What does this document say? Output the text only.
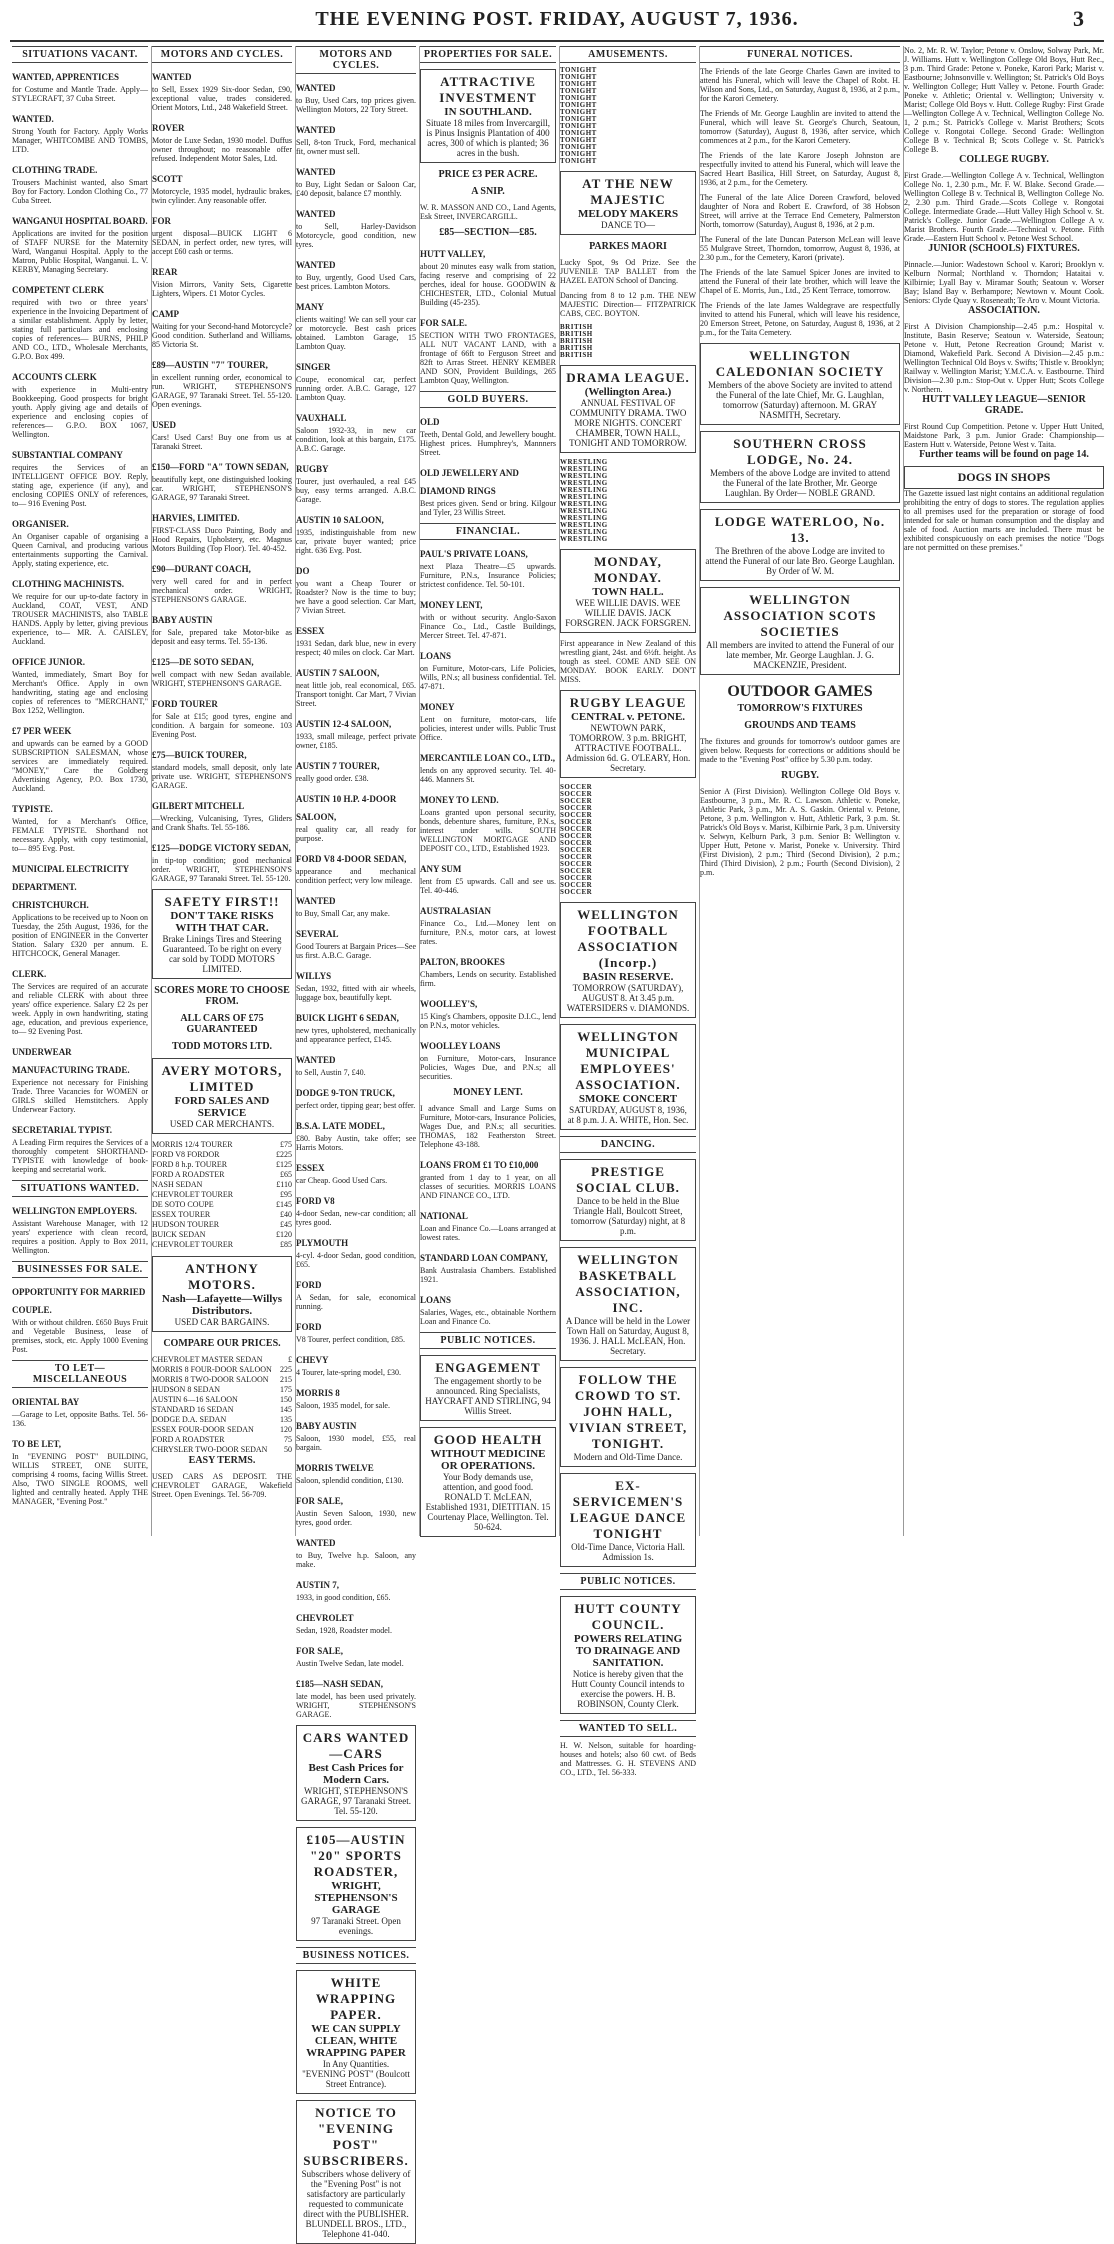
THE EVENING POST. FRIDAY, AUGUST 7, 1936.	3
SITUATIONS VACANT.
WANTED, APPRENTICES
for Costume and Mantle Trade. Apply— STYLECRAFT, 37 Cuba Street.
WANTED.
Strong Youth for Factory. Apply Works Manager, WHITCOMBE AND TOMBS, LTD.
CLOTHING TRADE.
Trousers Machinist wanted, also Smart Boy for Factory. London Clothing Co., 77 Cuba Street.
WANGANUI HOSPITAL BOARD.
Applications are invited for the position of STAFF NURSE for the Maternity Ward, Wanganui Hospital. Apply to the Matron, Public Hospital, Wanganui. L. V. KERBY, Managing Secretary.
COMPETENT CLERK
required with two or three years' experience in the Invoicing Department of a similar establishment. Apply by letter, stating full particulars and enclosing copies of references— BURNS, PHILP AND CO., LTD., Wholesale Merchants, G.P.O. Box 499.
ACCOUNTS CLERK
with experience in Multi-entry Bookkeeping. Good prospects for bright youth. Apply giving age and details of experience and enclosing copies of references— G.P.O. BOX 1067, Wellington.
SUBSTANTIAL COMPANY
requires the Services of an INTELLIGENT OFFICE BOY. Reply, stating age, experience (if any), and enclosing COPIES ONLY of references, to— 916 Evening Post.
ORGANISER.
An Organiser capable of organising a Queen Carnival, and producing various entertainments supporting the Carnival. Apply, stating experience, etc.
CLOTHING MACHINISTS.
We require for our up-to-date factory in Auckland, COAT, VEST, AND TROUSER MACHINISTS, also TABLE HANDS. Apply by letter, giving previous experience, to— MR. A. CAISLEY, Auckland.
OFFICE JUNIOR.
Wanted, immediately, Smart Boy for Merchant's Office. Apply in own handwriting, stating age and enclosing copies of references to "MERCHANT," Box 1252, Wellington.
£7 PER WEEK
and upwards can be earned by a GOOD SUBSCRIPTION SALESMAN, whose services are immediately required. "MONEY," Care the Goldberg Advertising Agency, P.O. Box 1730, Auckland.
TYPISTE.
Wanted, for a Merchant's Office, FEMALE TYPISTE. Shorthand not necessary. Apply, with copy testimonial, to— 895 Evg. Post.
MUNICIPAL ELECTRICITY DEPARTMENT. CHRISTCHURCH.
Applications to be received up to Noon on Tuesday, the 25th August, 1936, for the position of ENGINEER in the Converter Station. Salary £320 per annum. E. HITCHCOCK, General Manager.
CLERK.
The Services are required of an accurate and reliable CLERK with about three years' office experience. Salary £2 2s per week. Apply in own handwriting, stating age, education, and previous experience, to— 92 Evening Post.
UNDERWEAR MANUFACTURING TRADE.
Experience not necessary for Finishing Trade. Three Vacancies for WOMEN or GIRLS skilled Hemstitchers. Apply Underwear Factory.
SECRETARIAL TYPIST.
A Leading Firm requires the Services of a thoroughly competent SHORTHAND-TYPISTE with knowledge of book-keeping and secretarial work.
SITUATIONS WANTED.
WELLINGTON EMPLOYERS.
Assistant Warehouse Manager, with 12 years' experience with clean record, requires a position. Apply to Box 2011, Wellington.
BUSINESSES FOR SALE.
OPPORTUNITY FOR MARRIED COUPLE.
With or without children. £650 Buys Fruit and Vegetable Business, lease of premises, stock, etc. Apply 1000 Evening Post.
TO LET—MISCELLANEOUS
ORIENTAL BAY
—Garage to Let, opposite Baths. Tel. 56-136.
TO BE LET,
In "EVENING POST" BUILDING, WILLIS STREET, ONE SUITE, comprising 4 rooms, facing Willis Street. Also, TWO SINGLE ROOMS, well lighted and centrally heated. Apply THE MANAGER, "Evening Post."
MOTORS AND CYCLES.
WANTED
to Sell, Essex 1929 Six-door Sedan, £90, exceptional value, trades considered. Orient Motors, Ltd., 248 Wakefield Street.
ROVER
Motor de Luxe Sedan, 1930 model. Duffus owner throughout; no reasonable offer refused. Independent Motor Sales, Ltd.
SCOTT
Motorcycle, 1935 model, hydraulic brakes, twin cylinder. Any reasonable offer.
FOR
urgent disposal—BUICK LIGHT 6 SEDAN, in perfect order, new tyres, will accept £60 cash or terms.
REAR
Vision Mirrors, Vanity Sets, Cigarette Lighters, Wipers. £1 Motor Cycles.
CAMP
Waiting for your Second-hand Motorcycle? Good condition. Sutherland and Williams, 85 Victoria St.
£89—AUSTIN "7" TOURER,
in excellent running order, economical to run. WRIGHT, STEPHENSON'S GARAGE, 97 Taranaki Street. Tel. 55-120. Open evenings.
USED
Cars! Used Cars! Buy one from us at Taranaki Street.
£150—FORD "A" TOWN SEDAN,
beautifully kept, one distinguished looking car. WRIGHT, STEPHENSON'S GARAGE, 97 Taranaki Street.
HARVIES, LIMITED.
FIRST-CLASS Duco Painting, Body and Hood Repairs, Upholstery, etc. Magnus Motors Building (Top Floor). Tel. 40-452.
£90—DURANT COACH,
very well cared for and in perfect mechanical order. WRIGHT, STEPHENSON'S GARAGE.
BABY AUSTIN
for Sale, prepared take Motor-bike as deposit and easy terms. Tel. 55-136.
£125—DE SOTO SEDAN,
well compact with new Sedan available. WRIGHT, STEPHENSON'S GARAGE.
FORD TOURER
for Sale at £15; good tyres, engine and condition. A bargain for someone. 103 Evening Post.
£75—BUICK TOURER,
standard models, small deposit, only late private use. WRIGHT, STEPHENSON'S GARAGE.
GILBERT MITCHELL
—Wrecking, Vulcanising, Tyres, Gliders and Crank Shafts. Tel. 55-186.
£125—DODGE VICTORY SEDAN,
in tip-top condition; good mechanical order. WRIGHT, STEPHENSON'S GARAGE, 97 Taranaki Street. Tel. 55-120.
SAFETY FIRST!!
DON'T TAKE RISKS WITH THAT CAR.
Brake Linings Tires and Steering Guaranteed. To be right on every car sold by TODD MOTORS LIMITED.
SCORES MORE TO CHOOSE FROM.
ALL CARS OF £75 GUARANTEED
TODD MOTORS LTD.
AVERY MOTORS, LIMITED
FORD SALES AND SERVICE
USED CAR MERCHANTS.
MORRIS 12/4 TOURER	£75
FORD V8 FORDOR	£225
FORD 8 h.p. TOURER	£125
FORD A ROADSTER	£65
NASH SEDAN	£110
CHEVROLET TOURER	£95
DE SOTO COUPE	£145
ESSEX TOURER	£40
HUDSON TOURER	£45
BUICK SEDAN	£120
CHEVROLET TOURER	£85
ANTHONY MOTORS.
Nash—Lafayette—Willys Distributors.
USED CAR BARGAINS.
COMPARE OUR PRICES.
CHEVROLET MASTER SEDAN	£
MORRIS 8 FOUR-DOOR SALOON 225
MORRIS 8 TWO-DOOR SALOON 215
HUDSON 8 SEDAN	175
AUSTIN 6—16 SALOON	150
STANDARD 16 SEDAN	145
DODGE D.A. SEDAN	135
ESSEX FOUR-DOOR SEDAN	120
FORD A ROADSTER	75
CHRYSLER TWO-DOOR SEDAN 50
EASY TERMS.
USED CARS AS DEPOSIT. THE CHEVROLET GARAGE, Wakefield Street. Open Evenings. Tel. 56-709.
MOTORS AND CYCLES.
WANTED
to Buy, Used Cars, top prices given. Wellington Motors, 22 Tory Street.
WANTED
Sell, 8-ton Truck, Ford, mechanical fit, owner must sell.
WANTED
to Buy, Light Sedan or Saloon Car, £40 deposit, balance £7 monthly.
WANTED
to Sell, Harley-Davidson Motorcycle, good condition, new tyres.
WANTED
to Buy, urgently, Good Used Cars, best prices. Lambton Motors.
MANY
clients waiting! We can sell your car or motorcycle. Best cash prices obtained. Lambton Garage, 15 Lambton Quay.
SINGER
Coupe, economical car, perfect running order. A.B.C. Garage, 127 Lambton Quay.
VAUXHALL
Saloon 1932-33, in new car condition, look at this bargain, £175. A.B.C. Garage.
RUGBY
Tourer, just overhauled, a real £45 buy, easy terms arranged. A.B.C. Garage.
AUSTIN 10 SALOON,
1935, indistinguishable from new car, private buyer wanted; price right. 636 Evg. Post.
DO
you want a Cheap Tourer or Roadster? Now is the time to buy; we have a good selection. Car Mart, 7 Vivian Street.
ESSEX
1931 Sedan, dark blue, new in every respect; 40 miles on clock. Car Mart.
AUSTIN 7 SALOON,
neat little job, real economical, £65. Transport tonight. Car Mart, 7 Vivian Street.
AUSTIN 12-4 SALOON,
1933, small mileage, perfect private owner, £185.
AUSTIN 7 TOURER,
really good order. £38.
AUSTIN 10 H.P. 4-DOOR SALOON,
real quality car, all ready for purpose.
FORD V8 4-DOOR SEDAN,
appearance and mechanical condition perfect; very low mileage.
WANTED
to Buy, Small Car, any make.
SEVERAL
Good Tourers at Bargain Prices—See us first. A.B.C. Garage.
WILLYS
Sedan, 1932, fitted with air wheels, luggage box, beautifully kept.
BUICK LIGHT 6 SEDAN,
new tyres, upholstered, mechanically and appearance perfect, £145.
WANTED
to Sell, Austin 7, £40.
DODGE 9-TON TRUCK,
perfect order, tipping gear; best offer.
B.S.A. LATE MODEL,
£80. Baby Austin, take offer; see Harris Motors.
ESSEX
car Cheap. Good Used Cars.
FORD V8
4-door Sedan, new-car condition; all tyres good.
PLYMOUTH
4-cyl. 4-door Sedan, good condition, £65.
FORD
A Sedan, for sale, economical running.
FORD
V8 Tourer, perfect condition, £85.
CHEVY
4 Tourer, late-spring model, £30.
MORRIS 8
Saloon, 1935 model, for sale.
BABY AUSTIN
Saloon, 1930 model, £55, real bargain.
MORRIS TWELVE
Saloon, splendid condition, £130.
FOR SALE,
Austin Seven Saloon, 1930, new tyres, good order.
WANTED
to Buy, Twelve h.p. Saloon, any make.
AUSTIN 7,
1933, in good condition, £65.
CHEVROLET
Sedan, 1928, Roadster model.
FOR SALE,
Austin Twelve Sedan, late model.
£185—NASH SEDAN,
late model, has been used privately. WRIGHT, STEPHENSON'S GARAGE.
CARS WANTED—CARS
Best Cash Prices for Modern Cars.
WRIGHT, STEPHENSON'S GARAGE, 97 Taranaki Street. Tel. 55-120.
£105—AUSTIN "20" SPORTS ROADSTER,
WRIGHT, STEPHENSON'S GARAGE
97 Taranaki Street. Open evenings.
BUSINESS NOTICES.
WHITE WRAPPING PAPER.
WE CAN SUPPLY CLEAN, WHITE WRAPPING PAPER
In Any Quantities. "EVENING POST" (Boulcott Street Entrance).
NOTICE TO "EVENING POST" SUBSCRIBERS.
Subscribers whose delivery of the "Evening Post" is not satisfactory are particularly requested to communicate direct with the PUBLISHER. BLUNDELL BROS., LTD., Telephone 41-040.
PROPERTIES FOR SALE.
ATTRACTIVE INVESTMENT
IN SOUTHLAND.
Situate 18 miles from Invercargill, is Pinus Insignis Plantation of 400 acres, 300 of which is planted; 36 acres in the bush.
PRICE £3 PER ACRE.
A SNIP.
W. R. MASSON AND CO., Land Agents, Esk Street, INVERCARGILL.
£85—SECTION—£85.
HUTT VALLEY,
about 20 minutes easy walk from station, facing reserve and comprising of 22 perches, ideal for house. GOODWIN & CHICHESTER, LTD., Colonial Mutual Building (45-235).
FOR SALE.
SECTION WITH TWO FRONTAGES, ALL NUT VACANT LAND, with a frontage of 66ft to Ferguson Street and 82ft to Arras Street. HENRY KEMBER AND SON, Provident Buildings, 265 Lambton Quay, Wellington.
GOLD BUYERS.
OLD
Teeth, Dental Gold, and Jewellery bought. Highest prices. Humphrey's, Mannners Street.
OLD JEWELLERY AND DIAMOND RINGS
Best prices given. Send or bring. Kilgour and Tyler, 23 Willis Street.
FINANCIAL.
PAUL'S PRIVATE LOANS,
next Plaza Theatre—£5 upwards. Furniture, P.N.s, Insurance Policies; strictest confidence. Tel. 50-101.
MONEY LENT,
with or without security. Anglo-Saxon Finance Co., Ltd., Castle Buildings, Mercer Street. Tel. 47-871.
LOANS
on Furniture, Motor-cars, Life Policies, Wills, P.N.s; all business confidential. Tel. 47-871.
MONEY
Lent on furniture, motor-cars, life policies, interest under wills. Public Trust Office.
MERCANTILE LOAN CO., LTD.,
lends on any approved security. Tel. 40-446. Manners St.
MONEY TO LEND.
Loans granted upon personal security, bonds, debenture shares, furniture, P.N.s, interest under wills. SOUTH WELLINGTON MORTGAGE AND DEPOSIT CO., LTD., Established 1923.
ANY SUM
lent from £5 upwards. Call and see us. Tel. 40-446.
AUSTRALASIAN
Finance Co., Ltd.—Money lent on furniture, P.N.s, motor cars, at lowest rates.
PALTON, BROOKES
Chambers, Lends on security. Established firm.
WOOLLEY'S,
15 King's Chambers, opposite D.I.C., lend on P.N.s, motor vehicles.
WOOLLEY LOANS
on Furniture, Motor-cars, Insurance Policies, Wages Due, and P.N.s; all securities.
MONEY LENT.
I advance Small and Large Sums on Furniture, Motor-cars, Insurance Policies, Wages Due, and P.N.s; all securities. THOMAS, 182 Featherston Street. Telephone 43-188.
LOANS FROM £1 TO £10,000
granted from 1 day to 1 year, on all classes of securities. MORRIS LOANS AND FINANCE CO., LTD.
NATIONAL
Loan and Finance Co.—Loans arranged at lowest rates.
STANDARD LOAN COMPANY,
Bank Australasia Chambers. Established 1921.
LOANS
Salaries, Wages, etc., obtainable Northern Loan and Finance Co.
PUBLIC NOTICES.
ENGAGEMENT
The engagement shortly to be announced. Ring Specialists, HAYCRAFT AND STIRLING, 94 Willis Street.
GOOD HEALTH
WITHOUT MEDICINE OR OPERATIONS.
Your Body demands use, attention, and good food. RONALD T. McLEAN, Established 1931, DIETITIAN. 15 Courtenay Place, Wellington. Tel. 50-624.
AMUSEMENTS.
TONIGHT
TONIGHT
TONIGHT
TONIGHT
TONIGHT
TONIGHT
TONIGHT
TONIGHT
TONIGHT
TONIGHT
TONIGHT
TONIGHT
TONIGHT
TONIGHT
AT THE NEW MAJESTIC
MELODY MAKERS
DANCE TO—
PARKES MAORI
Lucky Spot, 9s Od Prize. See the JUVENILE TAP BALLET from the HAZEL EATON School of Dancing.
Dancing from 8 to 12 p.m. THE NEW MAJESTIC Direction— FITZPATRICK CABS, CEC. BOYTON.
BRITISH
BRITISH
BRITISH
BRITISH
BRITISH
DRAMA LEAGUE.
(Wellington Area.)
ANNUAL FESTIVAL OF COMMUNITY DRAMA. TWO MORE NIGHTS. CONCERT CHAMBER, TOWN HALL, TONIGHT AND TOMORROW.
WRESTLING
WRESTLING
WRESTLING
WRESTLING
WRESTLING
WRESTLING
WRESTLING
WRESTLING
WRESTLING
WRESTLING
WRESTLING
WRESTLING
MONDAY, MONDAY.
TOWN HALL.
WEE WILLIE DAVIS. WEE WILLIE DAVIS. JACK FORSGREN. JACK FORSGREN.
First appearance in New Zealand of this wrestling giant, 24st. and 6½ft. height. As tough as steel. COME AND SEE ON MONDAY. BOOK EARLY. DON'T MISS.
RUGBY LEAGUE
CENTRAL v. PETONE.
NEWTOWN PARK, TOMORROW. 3 p.m. BRIGHT, ATTRACTIVE FOOTBALL. Admission 6d. G. O'LEARY, Hon. Secretary.
SOCCER
SOCCER
SOCCER
SOCCER
SOCCER
SOCCER
SOCCER
SOCCER
SOCCER
SOCCER
SOCCER
SOCCER
SOCCER
SOCCER
SOCCER
SOCCER
WELLINGTON FOOTBALL ASSOCIATION (Incorp.)
BASIN RESERVE.
TOMORROW (SATURDAY), AUGUST 8. At 3.45 p.m. WATERSIDERS v. DIAMONDS.
WELLINGTON MUNICIPAL EMPLOYEES' ASSOCIATION.
SMOKE CONCERT
SATURDAY, AUGUST 8, 1936, at 8 p.m. J. A. WHITE, Hon. Sec.
DANCING.
PRESTIGE SOCIAL CLUB.
Dance to be held in the Blue Triangle Hall, Boulcott Street, tomorrow (Saturday) night, at 8 p.m.
WELLINGTON BASKETBALL ASSOCIATION, INC.
A Dance will be held in the Lower Town Hall on Saturday, August 8, 1936. J. HALL McLEAN, Hon. Secretary.
FOLLOW THE CROWD TO ST. JOHN HALL, VIVIAN STREET, TONIGHT.
Modern and Old-Time Dance.
EX-SERVICEMEN'S LEAGUE DANCE TONIGHT
Old-Time Dance, Victoria Hall. Admission 1s.
PUBLIC NOTICES.
HUTT COUNTY COUNCIL.
POWERS RELATING TO DRAINAGE AND SANITATION.
Notice is hereby given that the Hutt County Council intends to exercise the powers. H. B. ROBINSON, County Clerk.
WANTED TO SELL.
H. W. Nelson, suitable for hoarding-houses and hotels; also 60 cwt. of Beds and Mattresses. G. H. STEVENS AND CO., LTD., Tel. 56-333.
FUNERAL NOTICES.
The Friends of the late George Charles Gawn are invited to attend his Funeral, which will leave the Chapel of Robt. H. Wilson and Sons, Ltd., on Saturday, August 8, 1936, at 2 p.m., for the Karori Cemetery.
The Friends of Mr. George Laughlin are invited to attend the Funeral, which will leave St. George's Church, Seatoun, tomorrow (Saturday), August 8, 1936, after service, which commences at 2 p.m., for the Karori Cemetery.
The Friends of the late Karore Joseph Johnston are respectfully invited to attend his Funeral, which will leave the Sacred Heart Basilica, Hill Street, on Saturday, August 8, 1936, at 2 p.m., for the Cemetery.
The Funeral of the late Alice Doreen Crawford, beloved daughter of Nora and Robert E. Crawford, of 38 Hobson Street, will arrive at the Terrace End Cemetery, Palmerston North, tomorrow (Saturday), August 8, 1936, at 2 p.m.
The Funeral of the late Duncan Paterson McLean will leave 55 Mulgrave Street, Thorndon, tomorrow, August 8, 1936, at 2.30 p.m., for the Cemetery, Karori (private).
The Friends of the late Samuel Spicer Jones are invited to attend the Funeral of their late brother, which will leave the Chapel of E. Morris, Jun., Ltd., 25 Kent Terrace, tomorrow.
The Friends of the late James Waldegrave are respectfully invited to attend his Funeral, which will leave his residence, 20 Emerson Street, Petone, on Saturday, August 8, 1936, at 2 p.m., for the Taita Cemetery.
WELLINGTON CALEDONIAN SOCIETY
Members of the above Society are invited to attend the Funeral of the late Chief, Mr. G. Laughlan, tomorrow (Saturday) afternoon. M. GRAY NASMITH, Secretary.
SOUTHERN CROSS LODGE, No. 24.
Members of the above Lodge are invited to attend the Funeral of the late Brother, Mr. George Laughlan. By Order— NOBLE GRAND.
LODGE WATERLOO, No. 13.
The Brethren of the above Lodge are invited to attend the Funeral of our late Bro. George Laughlan. By Order of W. M.
WELLINGTON ASSOCIATION SCOTS SOCIETIES
All members are invited to attend the Funeral of our late member, Mr. George Laughlan. J. G. MACKENZIE, President.
OUTDOOR GAMES
TOMORROW'S FIXTURES
GROUNDS AND TEAMS
The fixtures and grounds for tomorrow's outdoor games are given below. Requests for corrections or additions should be made to the "Evening Post" office by 5.30 p.m. today.
RUGBY.
Senior A (First Division). Wellington College Old Boys v. Eastbourne, 3 p.m., Mr. R. C. Lawson. Athletic v. Poneke, Athletic Park, 3 p.m., Mr. A. S. Gaskin. Oriental v. Petone, Petone, 3 p.m. Wellington v. Hutt, Athletic Park, 3 p.m. St. Patrick's Old Boys v. Marist, Kilbirnie Park, 3 p.m. University v. Selwyn, Kelburn Park, 3 p.m. Senior B: Wellington v. Upper Hutt, Petone v. Marist, Poneke v. University. Third (First Division), 2 p.m.; Third (Second Division), 2 p.m.; Third (Third Division), 2 p.m.; Fourth (Second Division), 2 p.m.
No. 2, Mr. R. W. Taylor; Petone v. Onslow, Solway Park, Mr. J. Williams. Hutt v. Wellington College Old Boys, Hutt Rec., 3 p.m. Third Grade: Petone v. Poneke, Karori Park; Marist v. Eastbourne; Johnsonville v. Wellington; St. Patrick's Old Boys v. Wellington College; Hutt Valley v. Petone. Fourth Grade: Poneke v. Athletic; Oriental v. Wellington; University v. Marist; College Old Boys v. Hutt. College Rugby: First Grade—Wellington College A v. Technical, Wellington College No. 1, 2 p.m.; St. Patrick's College v. Marist Brothers; Scots College v. Rongotai College. Second Grade: Wellington College B v. Technical B; Scots College v. St. Patrick's College B.
COLLEGE RUGBY.
First Grade.—Wellington College A v. Technical, Wellington College No. 1, 2.30 p.m., Mr. F. W. Blake. Second Grade.—Wellington College B v. Technical B, Wellington College No. 2, 2.30 p.m. Third Grade.—Scots College v. Rongotai College. Intermediate Grade.—Hutt Valley High School v. St. Patrick's College. Junior Grade.—Wellington College A v. Marist Brothers. Fourth Grade.—Technical v. Petone. Fifth Grade.—Eastern Hutt School v. Petone West School.
JUNIOR (SCHOOLS) FIXTURES.
Pinnacle.—Junior: Wadestown School v. Karori; Brooklyn v. Kelburn Normal; Northland v. Thorndon; Hataitai v. Kilbirnie; Lyall Bay v. Miramar South; Seatoun v. Worser Bay; Island Bay v. Berhampore; Newtown v. Mount Cook. Seniors: Clyde Quay v. Roseneath; Te Aro v. Mount Victoria.
ASSOCIATION.
First A Division Championship—2.45 p.m.: Hospital v. Institute, Basin Reserve; Seatoun v. Waterside, Seatoun; Petone v. Hutt, Petone Recreation Ground; Marist v. Diamond, Wakefield Park. Second A Division—2.45 p.m.: Wellington Technical Old Boys v. Swifts; Thistle v. Brooklyn; Railway v. Wellington Marist; Y.M.C.A. v. Eastbourne. Third Division—2.30 p.m.: Stop-Out v. Upper Hutt; Scots College v. Northern.
HUTT VALLEY LEAGUE—SENIOR GRADE.
First Round Cup Competition. Petone v. Upper Hutt United, Maidstone Park, 3 p.m. Junior Grade: Championship—Eastern Hutt v. Waterside, Petone West v. Taita.
Further teams will be found on page 14.
DOGS IN SHOPS
The Gazette issued last night contains an additional regulation prohibiting the entry of dogs to stores. The regulation applies to all premises used for the preparation or storage of food intended for sale or human consumption and the display and sale of food. Auction marts are included. There must be exhibited conspicuously on each premises the notice "Dogs are not permitted on these premises."
